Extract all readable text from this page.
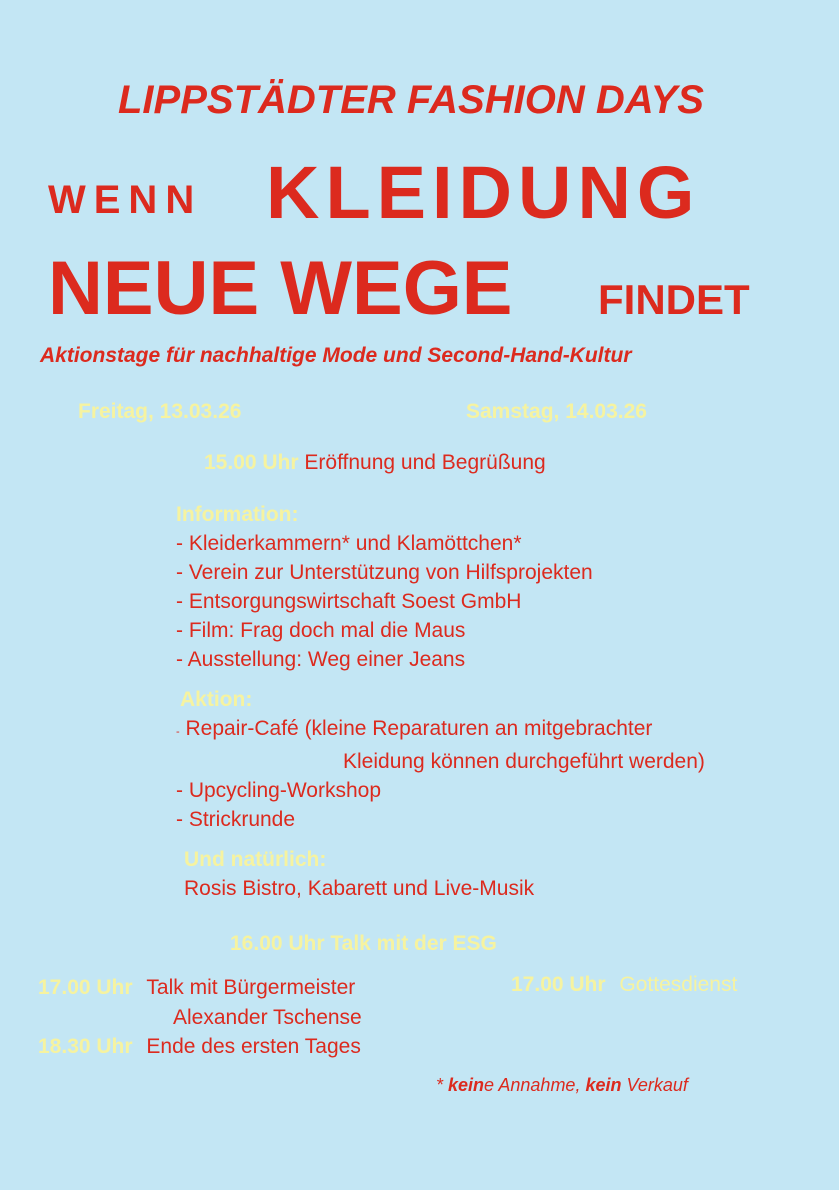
LIPPSTÄDTER FASHION DAYS
WENN KLEIDUNG
NEUE WEGE FINDET
Aktionstage für nachhaltige Mode und Second-Hand-Kultur
Freitag, 13.03.26	Samstag, 14.03.26
15.00 Uhr Eröffnung und Begrüßung
Information:
- Kleiderkammern* und Klamöttchen*
- Verein zur Unterstützung von Hilfsprojekten
- Entsorgungswirtschaft Soest GmbH
- Film: Frag doch mal die Maus
- Ausstellung: Weg einer Jeans
Aktion:
- Repair-Café (kleine Reparaturen an mitgebrachter
Kleidung können durchgeführt werden)
- Upcycling-Workshop
- Strickrunde
Und natürlich:
Rosis Bistro, Kabarett und Live-Musik
16.00 Uhr Talk mit der ESG
17.00 Uhr Talk mit Bürgermeister
Alexander Tschense
18.30 Uhr Ende des ersten Tages
17.00 Uhr Gottesdienst
* keine Annahme, kein Verkauf
